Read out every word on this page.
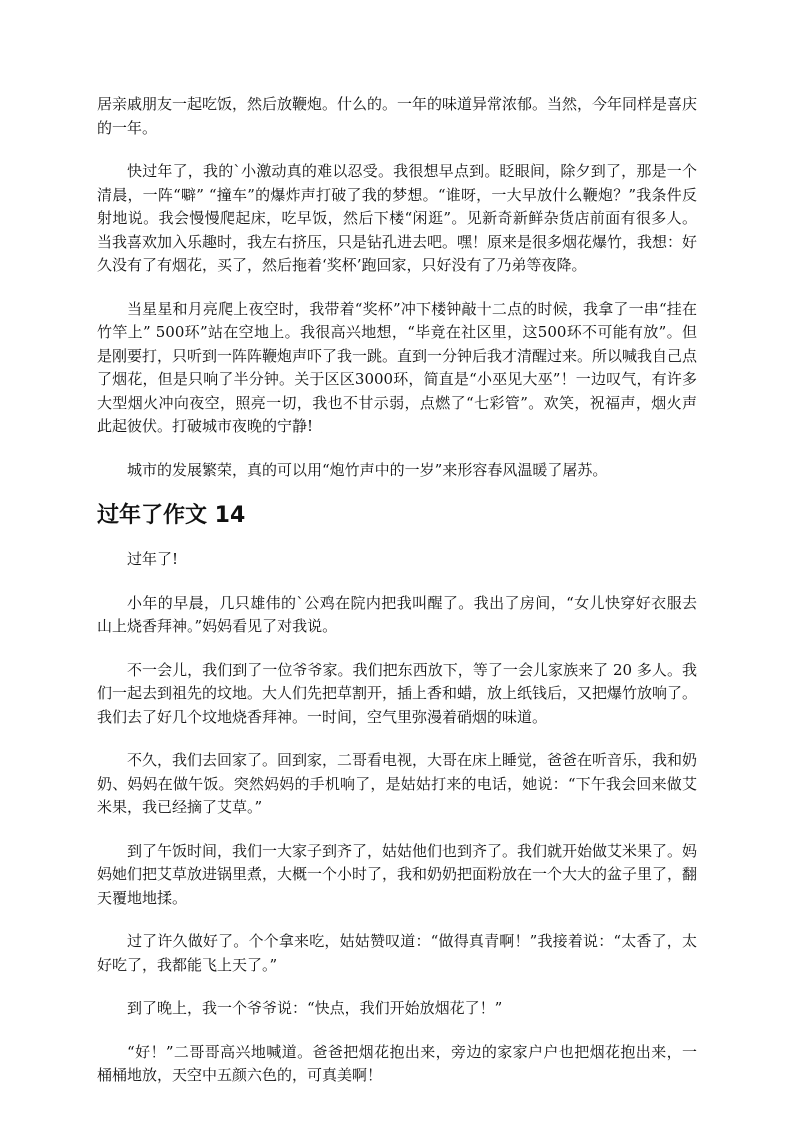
居亲戚朋友一起吃饭，然后放鞭炮。什么的。一年的味道异常浓郁。当然，今年同样是喜庆的一年。

快过年了，我的`小激动真的难以忍受。我很想早点到。眨眼间，除夕到了，那是一个清晨，一阵“噼” “撞车”的爆炸声打破了我的梦想。“谁呀，一大早放什么鞭炮？”我条件反射地说。我会慢慢爬起床，吃早饭，然后下楼“闲逛”。见新奇新鲜杂货店前面有很多人。当我喜欢加入乐趣时，我左右挤压，只是钻孔进去吧。嘿！原来是很多烟花爆竹，我想：好久没有了有烟花，买了，然后拖着‘奖杯’跑回家，只好没有了乃弟等夜降。

当星星和月亮爬上夜空时，我带着“奖杯”冲下楼钟敲十二点的时候，我拿了一串“挂在竹竿上” 500环”站在空地上。我很高兴地想，“毕竟在社区里，这500环不可能有放”。但是刚要打，只听到一阵阵鞭炮声吓了我一跳。直到一分钟后我才清醒过来。所以喊我自己点了烟花，但是只响了半分钟。关于区区3000环，简直是“小巫见大巫”！一边叹气，有许多大型烟火冲向夜空，照亮一切，我也不甘示弱，点燃了“七彩管”。欢笑，祝福声，烟火声此起彼伏。打破城市夜晚的宁静!

城市的发展繁荣，真的可以用“炮竹声中的一岁”来形容春风温暖了屠苏。

过年了作文 14

过年了!

小年的早晨，几只雄伟的`公鸡在院内把我叫醒了。我出了房间，“女儿快穿好衣服去山上烧香拜神。”妈妈看见了对我说。

不一会儿，我们到了一位爷爷家。我们把东西放下，等了一会儿家族来了 20 多人。我们一起去到祖先的坟地。大人们先把草割开，插上香和蜡，放上纸钱后，又把爆竹放响了。我们去了好几个坟地烧香拜神。一时间，空气里弥漫着硝烟的味道。

不久，我们去回家了。回到家，二哥看电视，大哥在床上睡觉，爸爸在听音乐，我和奶奶、妈妈在做午饭。突然妈妈的手机响了，是姑姑打来的电话，她说：“下午我会回来做艾米果，我已经摘了艾草。”

到了午饭时间，我们一大家子到齐了，姑姑他们也到齐了。我们就开始做艾米果了。妈妈她们把艾草放进锅里煮，大概一个小时了，我和奶奶把面粉放在一个大大的盆子里了，翻天覆地地揉。

过了许久做好了。个个拿来吃，姑姑赞叹道：“做得真青啊！”我接着说：“太香了，太好吃了，我都能飞上天了。”

到了晚上，我一个爷爷说：“快点，我们开始放烟花了！”

“好！”二哥哥高兴地喊道。爸爸把烟花抱出来，旁边的家家户户也把烟花抱出来，一桶桶地放，天空中五颜六色的，可真美啊！
